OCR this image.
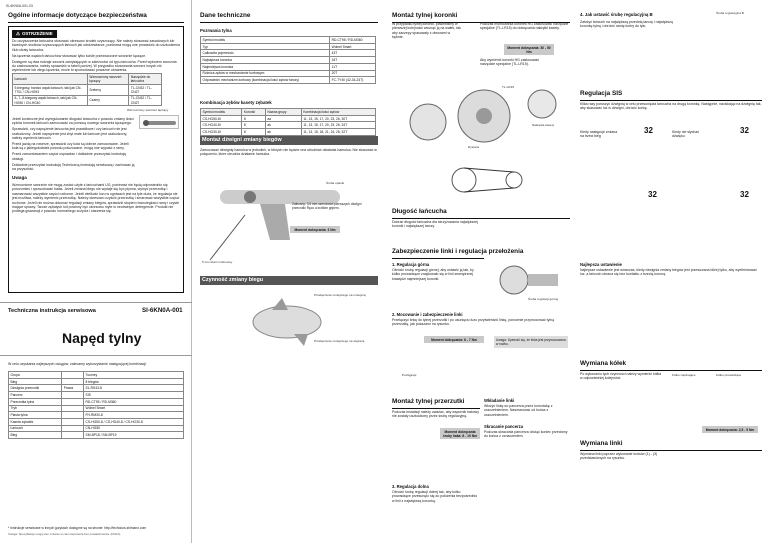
SI-6KN0A-001-03
Ogólne informacje dotyczące bezpieczeństwa
⚠ OSTRZEŻENIE

Do oczyszczenia łańcucha stosować okresowo środek czyszczący. Nie należy stosować zasadowych lub kwaśnych środków czyszczących łańcuch jak odrdzewiacze, ponieważ mogą one prowadzić do uszkodzenia i/lub utraty łańcucha.

Na łączenia wąskich łańcuchów stosować tylko ściśle przeznaczone sworznie łączące.

Dostępne są dwa rodzaje sworzni zamykających w zależności od typu łańcucha. Przed wyborem sworznia do zastosowania, należy sprawdzić w tabeli poniżej. W przypadku stosowania sworzni innych niż wymienione lub złego łączenia, może to spowodować poważne obrażenia.

Łańcuch	Wzmocniony sworzeń łączący	Narzędzie do łańcucha
9-biegowy, bardzo wąski łańcuch, taki jak CN-7701 / CN-HG93	Srebrny	TL-CN32 / TL-CN27
6-,7-,8-biegowy wąski łańcuch, taki jak CN-HG50 / CN-HG40	Czarny	TL-CN32 / TL-CN27
Wzmocniony sworzeń łączący

Jeżeli konieczne jest wyregulowanie długości łańcucha z powodu zmiany ilości zębów koronek łańcuch zamocować za pomocą nowego sworznia łączącego.

Sprawdzić, czy naprężenie łańcucha jest prawidłowe i czy łańcuch nie jest uszkodzony. Jeżeli naprężenie jest zbyt małe lub łańcuch jest uszkodzony, należy wymienić łańcuch.

Przed jazdą na rowerze, sprawdzić czy koła są dobrze zamocowane. Jeżeli koła są z jakiegokolwiek powodu poluzowane, mogą one wypaść z ramy.

Przed zamontowaniem części usprawiać i dokładnie przeczytać instrukcję obsługi.

Dokładnie przeczytać instrukcję Techniczną instrukcję serwisową i zachować ją na przyszłość.

Uwaga
Wzmocnione sworznie nie mogą zostać użyte z łańcuchami UG, ponieważ nie będą odpowiednio się porozumieć i spowodować hałas. Jeżeli zmiana biegu nie wydaje się być płynna, wymyć przerzutkę i nasmarować wszystkie części ruchome. Jeżeli wielkość luzu w ogniwach jest na tyle duża, że regulacja nie jest możliwa, należy wymienić przerzutkę. Należy okresowo czyścić przerzutkę i smarować wszystkie części ruchome. Jeżeli nie można dokonać regulacji zmiany biegów, sprawdzić stopień równoległości ramy i czyste mające sprawy. Tarcze zębatych kół powinny być okresowo myte w neutralnym detergencie. Produkt nie podlega gwarancji z powodu normalnego zużycia i starzenia się.
Techniczna instrukcja serwisowa	SI-6KN0A-001
Napęd tylny
W celu uzyskania najlepszych osiągów, zalecamy wykorzystanie następującej kombinacji.
Grupa		Tourney
Bieg		8 biegów
Dźwignia przerzutki	Prawa	SL-RS43-8
Pancerz		SIS
Przerzutka tylna		RD-CT95 / RD-M360
Tryb		Wolnel Smart
Piasta tylna		FH-RM30-8
Kaseta zębatek		CS-HG50-8 / CS-HG40-8 / CS-HG30-8
Łańcuch		CN-HG50
Bieg		SM-BP18 / SM-BP19
* Instrukcje serwisowe w innych językach dostępne są na stronie: http://techdocs.shimano.com
Uwaga: Specyfikacje mogą ulec zmianie w celu ulepszenia bez powiadomienia. (Polish)
Dane techniczne
Pozrwania tylna
Symbol modelu	RD-CT95 / RD-M360
Typ	Wolnel Smart
Całkowita pojemność	43T
Największa koronka	34T
Najmniejsza koronka	11T
Różnica zębów w mechanizmie korbowym	20T
Odpowiedni mechanizm korbowy (kombinacja ilości zębów tarczy)	FC-TY40 (42-34-24T)
Kombinacja zębów kasety zębatek
Symbol modelu	Koronki	Nazwa grupy	Kombinacja ilości zębów
CS-HG50-8I	8	aa	11, 13, 15, 17, 20, 23, 26, 30T
CS-HG40-8I	8	ak	11, 13, 15, 17, 20, 23, 26, 34T
CS-HG30-8I	8	ak	11, 13, 15, 18, 21, 24, 28, 32T
Montaż dźwigni zmiany biegów
Zamocować dźwignię hamulca w jednolinii, w których nie będzie ona utrudniać działania hamulca. Nie stosować w połączeniu, które utrudnia działanie hamulca.
Śruba opaski
5 mm klucz imbusowy
Moment dokręcania: 3 Nm
Zalecany: 3,5 mm szerokości pierwszych dźwigni przerzutki Ręco a krótkim gripem.
Czynność zmiany biegu
Przełączenie mniejszego na mniejszą
Przełączenie mniejszego na większą
Montaż tylnej koronki
W przypadku tylnej koronki, powinniśmy w pierwszej kolejności wsunąć ją na wałek, tak aby zaczepy spasowały z otworami w bębnie.
Podczas montowania koronek HG zastosować narzędzie specjalne (TL-LR15) do dokręcania nakrętki kasety.
Moment dokręcania: 30 - 50 Nm
Aby wymienić koronki HG zastosować narzędzie specjalne (TL-LR15).
TL-LR15
Nakrętka kasety
Dystans
Długość łańcucha
Dobrać długość łańcucha dla skrzyżowania największej koronki i największej tarczy.
Zabezpieczenie linki i regulacja przełożenia
1. Regulacja górna
Obrócić śrubę regulacji górnej, aby ustawić ją tak, by kółko prowadzące znajdowało się w linii zewnętrznej krawędzi najmniejszej koronki.
Śruba regulacji górnej
2. Mocowanie i zabezpieczenie linki
Przełączyć linkę do tylnej przerzutki i po usunięciu luzu przytwierdzić linkę, ponownie przymocować tylną przerzutkę, jak pokazano na rysunku.
Moment dokręcania: 6 - 7 Nm	Uwaga: Upewnić się, że linka jest przymocowana w rowku.
Pociągnąć
Montaż tylnej przerzutki
Podczas instalacji należy uważać, aby wspornik hakowy nie zostały uszkodzony przez śrubę regulacyjną.
Moment dokręcania śruby haka: 8 - 10 Nm
Wkładanie linki
Włożyć linkę do pancerza przez końcówkę z uszczelnieniem. Nasmarować od końca z uszczelnieniem.
Skracanie pancerza
Podczas skracania pancerza obciąć koniec przeciwny do końca z oznaczeniem.
3. Regulacja dolna
Obrócić śrubę regulacji dolnej tak, aby kółko prowadzące przesunęło się do położenia bezpośrednio w linii z największą koronką.
4. Jak ustawić śrubę regulacyjną B
Założyć łańcuch na największą przednią tarczę i największą koronkę tylną i obrócić ramię korby do tyłu.
Śruba regulacyjna B
Regulacja SIS
Kilka razy poruszyć dźwignią w celu przesunięcia łańcucha na drugą koronkę. Następnie, naciskając na dźwignię tak, aby skasować luz w dźwigni, obrócić korbę.
Kiedy następuje zmiana na trzeci bieg
32	Kiedy nie słychać dźwięku
32
32	32
Najlepsza ustawienie
Najlepsze ustawienie jest wówczas, kiedy dźwignia zmiany biegów jest przesuwana bliżej tylko, aby wyeliminować luz, a łańcuch obraca się bez kontaktu z trzecią koroną.
Wymiana kółek
Po wykonaniu tych czynności należy wymienić kółka w odpowiedniej kolejności.
Kółko napinające	Kółko prowadzące
Moment dokręcania: 2,5 - 5 Nm
Wymiana linki
Wymiana linki poprzez wykonanie kroków (1) - (3) przedstawionych na rysunku.
